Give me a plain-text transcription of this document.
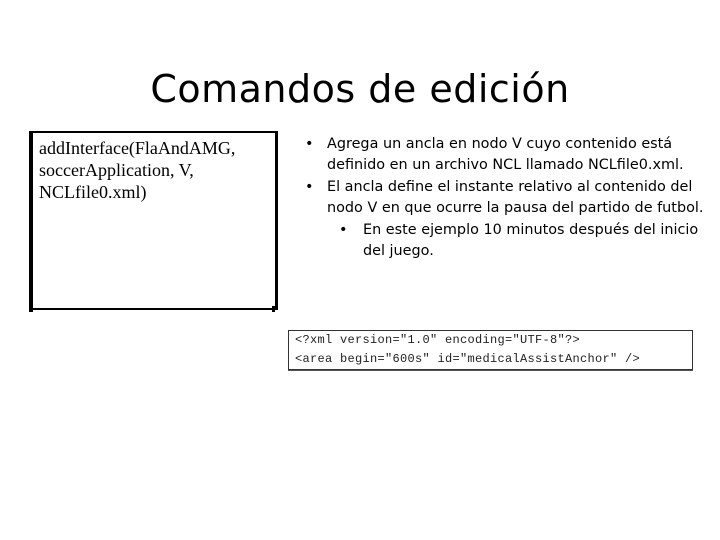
Comandos de edición
addInterface(FlaAndAMG,
soccerApplication, V,
NCLfile0.xml)

• Agrega un ancla en nodo V cuyo contenido está definido en un archivo NCL llamado NCLfile0.xml.

• El ancla define el instante relativo al contenido del nodo V en que ocurre la pausa del partido de futbol.

• En este ejemplo 10 minutos después del inicio del juego.

<?xml version="1.0" encoding="UTF-8"?>
<area begin="600s" id="medicalAssistAnchor" />
